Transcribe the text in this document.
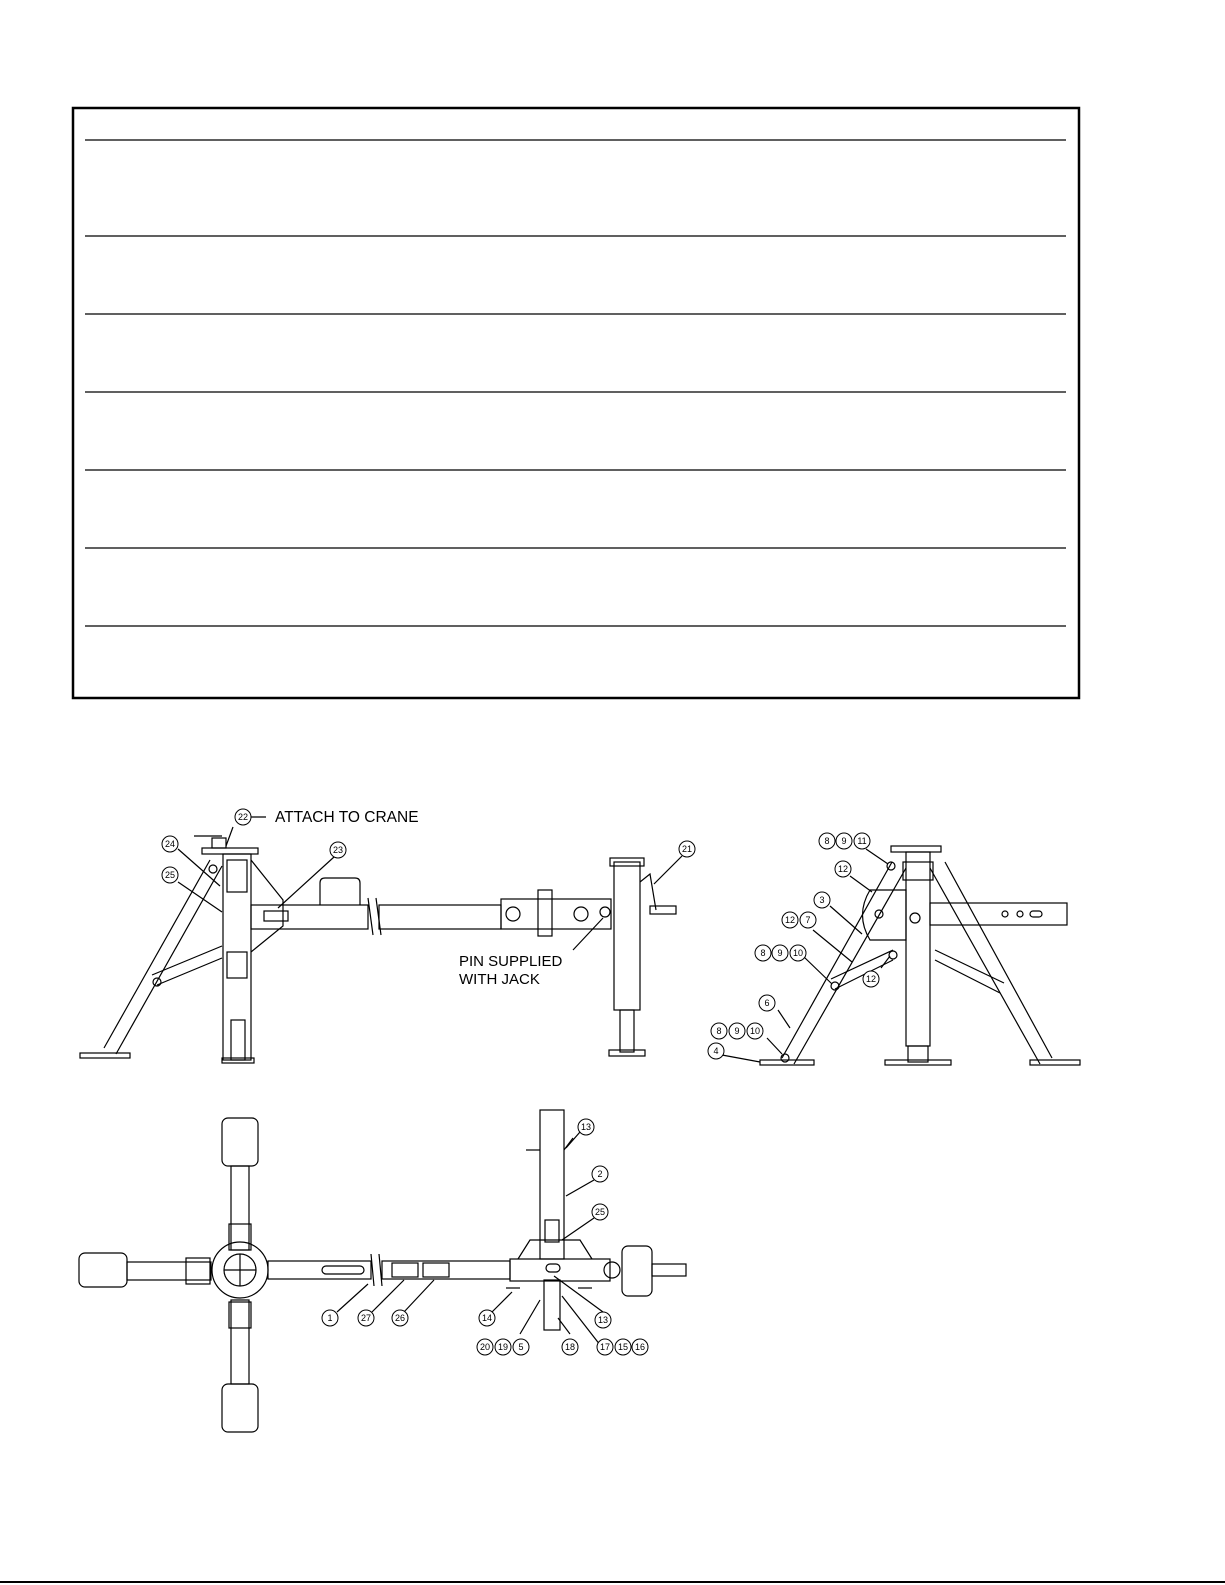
ATTACH TO CRANE
PIN SUPPLIED
WITH JACK
22
24
23
25
21
8 9 11
12
3
12 7
8 9 10
12
6
8 9 10
4
13
2
25
1	27	26	14	13
20 19 5	18	17 15 16
